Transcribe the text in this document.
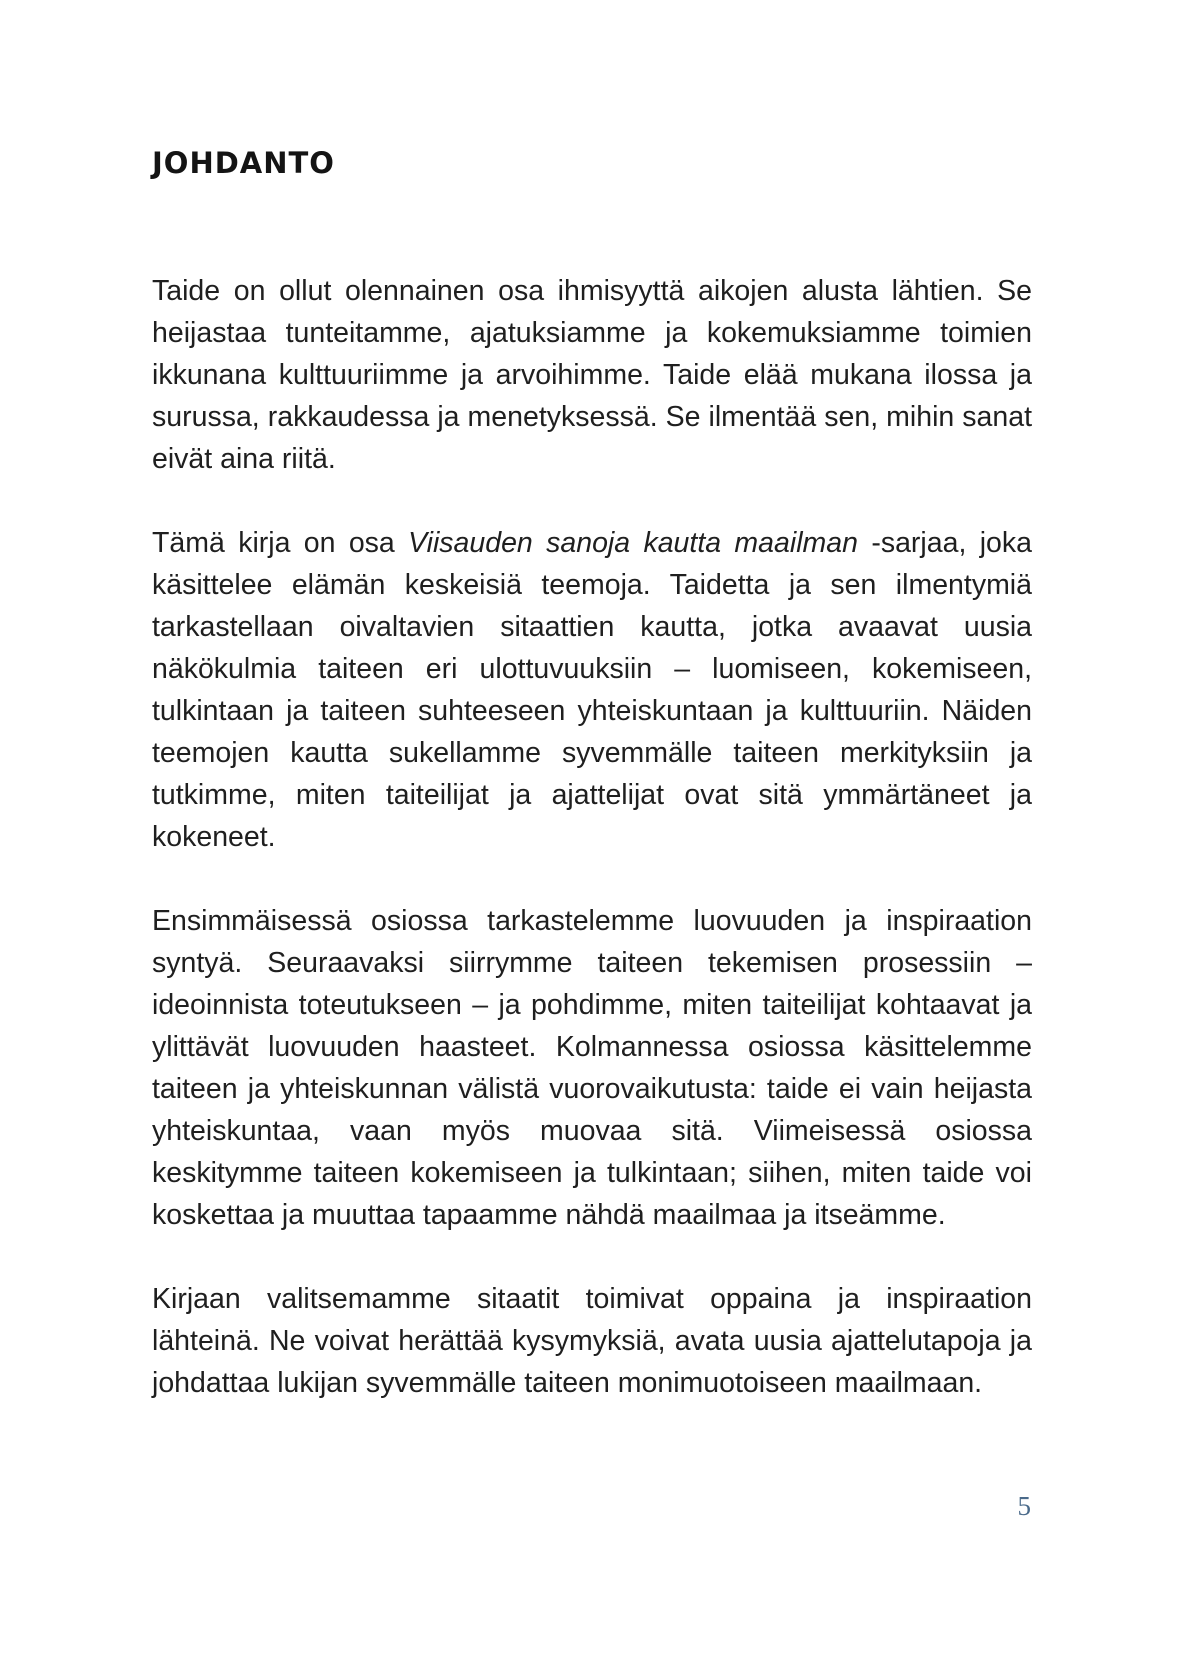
JOHDANTO

Taide on ollut olennainen osa ihmisyyttä aikojen alusta lähtien. Se heijastaa tunteitamme, ajatuksiamme ja kokemuksiamme toimien ikkunana kulttuuriimme ja arvoihimme. Taide elää mukana ilossa ja surussa, rakkaudessa ja menetyksessä. Se ilmentää sen, mihin sanat eivät aina riitä.

Tämä kirja on osa Viisauden sanoja kautta maailman -sarjaa, joka käsittelee elämän keskeisiä teemoja. Taidetta ja sen ilmentymiä tarkastellaan oivaltavien sitaattien kautta, jotka avaavat uusia näkökulmia taiteen eri ulottuvuuksiin – luomiseen, kokemiseen, tulkintaan ja taiteen suhteeseen yhteiskuntaan ja kulttuuriin. Näiden teemojen kautta sukellamme syvemmälle taiteen merkityksiin ja tutkimme, miten taiteilijat ja ajattelijat ovat sitä ymmärtäneet ja kokeneet.

Ensimmäisessä osiossa tarkastelemme luovuuden ja inspiraation syntyä. Seuraavaksi siirrymme taiteen tekemisen prosessiin – ideoinnista toteutukseen – ja pohdimme, miten taiteilijat kohtaavat ja ylittävät luovuuden haasteet. Kolmannessa osiossa käsittelemme taiteen ja yhteiskunnan välistä vuorovaikutusta: taide ei vain heijasta yhteiskuntaa, vaan myös muovaa sitä. Viimeisessä osiossa keskitymme taiteen kokemiseen ja tulkintaan; siihen, miten taide voi koskettaa ja muuttaa tapaamme nähdä maailmaa ja itseämme.

Kirjaan valitsemamme sitaatit toimivat oppaina ja inspiraation lähteinä. Ne voivat herättää kysymyksiä, avata uusia ajattelutapoja ja johdattaa lukijan syvemmälle taiteen monimuotoiseen maailmaan.

5
